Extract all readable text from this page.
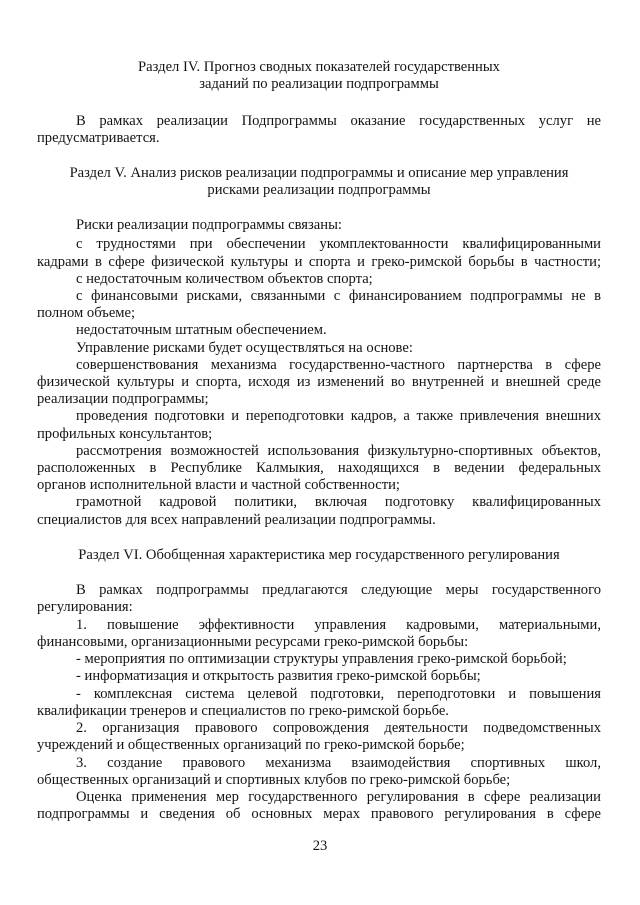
Раздел IV. Прогноз сводных показателей государственных
заданий по реализации подпрограммы
В рамках реализации Подпрограммы оказание государственных услуг не
предусматривается.
Раздел V. Анализ рисков реализации подпрограммы и описание мер управления
рисками реализации подпрограммы
Риски реализации подпрограммы связаны:
с трудностями при обеспечении укомплектованности квалифицированными
кадрами в сфере физической культуры и спорта и греко-римской борьбы в частности;
с недостаточным количеством объектов спорта;
с финансовыми рисками, связанными с финансированием подпрограммы не в
полном объеме;
недостаточным штатным обеспечением.
Управление рисками будет осуществляться на основе:
совершенствования механизма государственно-частного партнерства в сфере
физической культуры и спорта, исходя из изменений во внутренней и внешней среде
реализации подпрограммы;
проведения подготовки и переподготовки кадров, а также привлечения внешних
профильных консультантов;
рассмотрения возможностей использования физкультурно-спортивных объектов,
расположенных в Республике Калмыкия, находящихся в ведении федеральных
органов исполнительной власти и частной собственности;
грамотной кадровой политики, включая подготовку квалифицированных
специалистов для всех направлений реализации подпрограммы.
Раздел VI. Обобщенная характеристика мер государственного регулирования
В рамках подпрограммы предлагаются следующие меры государственного
регулирования:
1. повышение эффективности управления кадровыми, материальными,
финансовыми, организационными ресурсами греко-римской борьбы:
- мероприятия по оптимизации структуры управления греко-римской борьбой;
- информатизация и открытость развития греко-римской борьбы;
- комплексная система целевой подготовки, переподготовки и повышения
квалификации тренеров и специалистов по греко-римской борьбе.
2. организация правового сопровождения деятельности подведомственных
учреждений и общественных организаций по греко-римской борьбе;
3. создание правового механизма взаимодействия спортивных школ,
общественных организаций и спортивных клубов по греко-римской борьбе;
Оценка применения мер государственного регулирования в сфере реализации
подпрограммы и сведения об основных мерах правового регулирования в сфере
23
